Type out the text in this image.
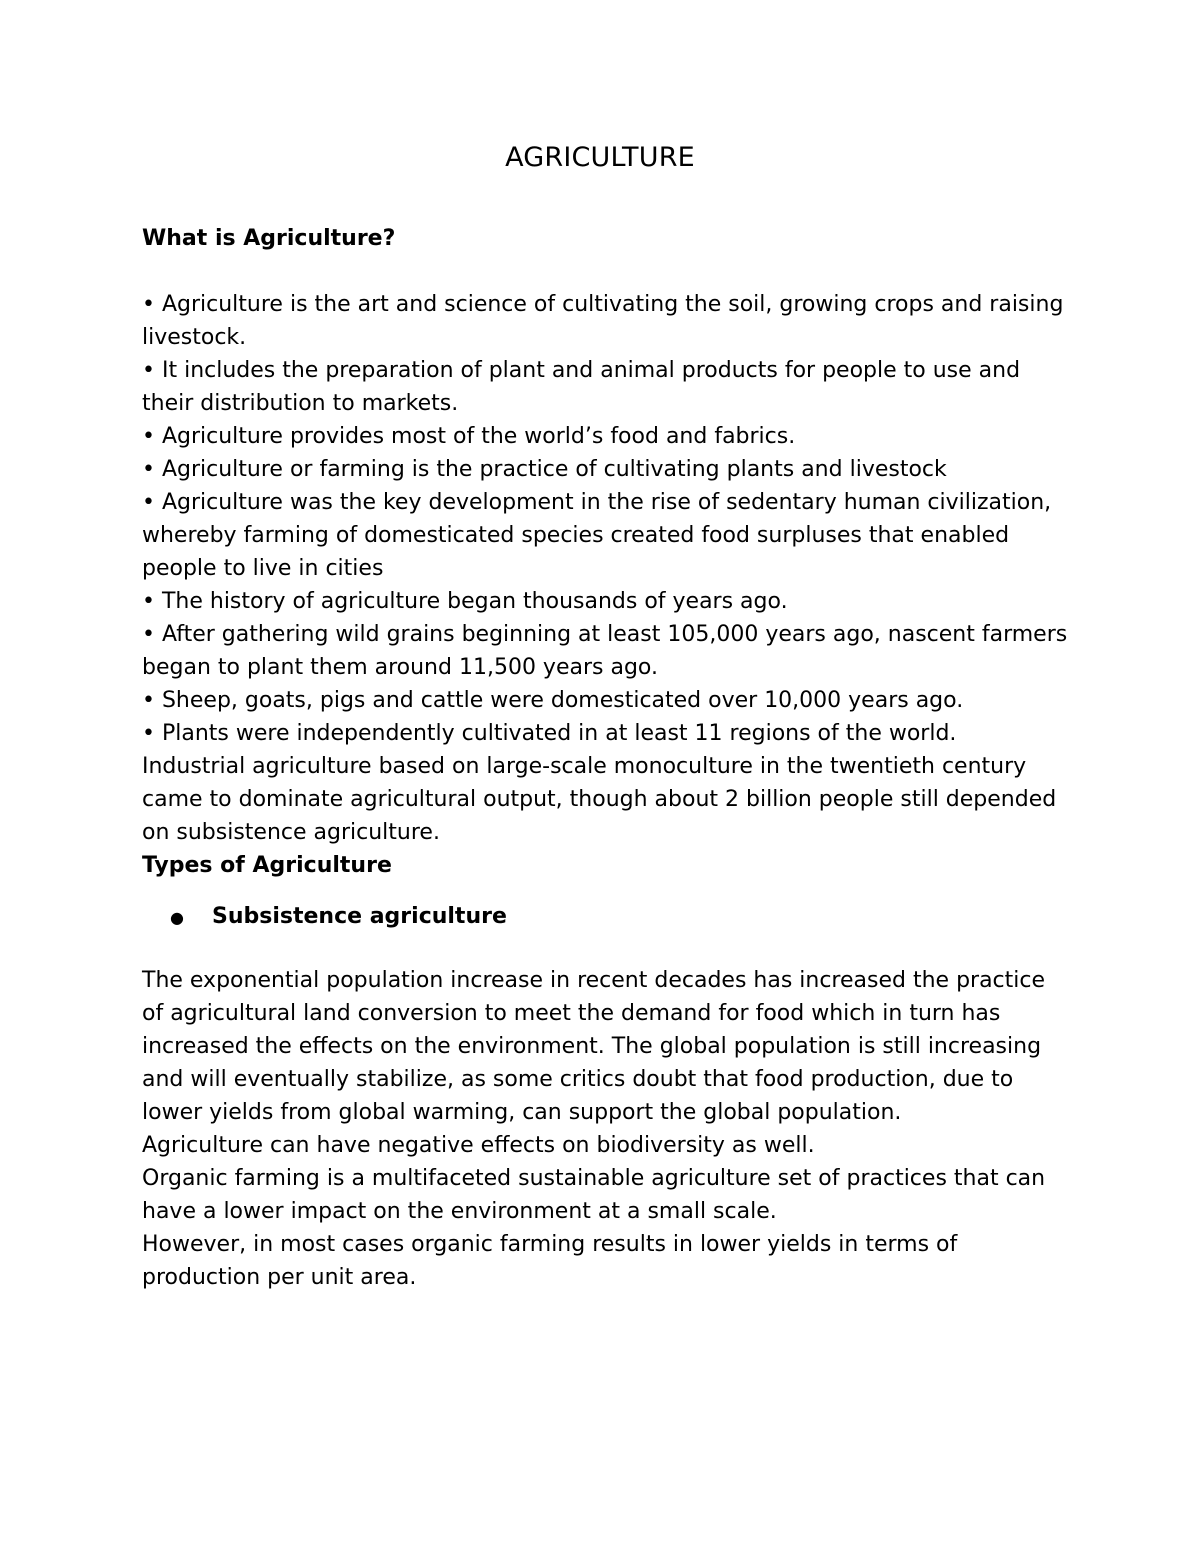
AGRICULTURE

What is Agriculture?

• Agriculture is the art and science of cultivating the soil, growing crops and raising livestock.

• It includes the preparation of plant and animal products for people to use and their distribution to markets.

• Agriculture provides most of the world’s food and fabrics.

• Agriculture or farming is the practice of cultivating plants and livestock

• Agriculture was the key development in the rise of sedentary human civilization, whereby farming of domesticated species created food surpluses that enabled people to live in cities

• The history of agriculture began thousands of years ago.

• After gathering wild grains beginning at least 105,000 years ago, nascent farmers began to plant them around 11,500 years ago.

• Sheep, goats, pigs and cattle were domesticated over 10,000 years ago.

• Plants were independently cultivated in at least 11 regions of the world.

Industrial agriculture based on large-scale monoculture in the twentieth century came to dominate agricultural output, though about 2 billion people still depended on subsistence agriculture.

Types of Agriculture

●	Subsistence agriculture

The exponential population increase in recent decades has increased the practice of agricultural land conversion to meet the demand for food which in turn has increased the effects on the environment. The global population is still increasing

and will eventually stabilize, as some critics doubt that food production, due to lower yields from global warming, can support the global population.

Agriculture can have negative effects on biodiversity as well.

Organic farming is a multifaceted sustainable agriculture set of practices that can have a lower impact on the environment at a small scale.

However, in most cases organic farming results in lower yields in terms of production per unit area.
